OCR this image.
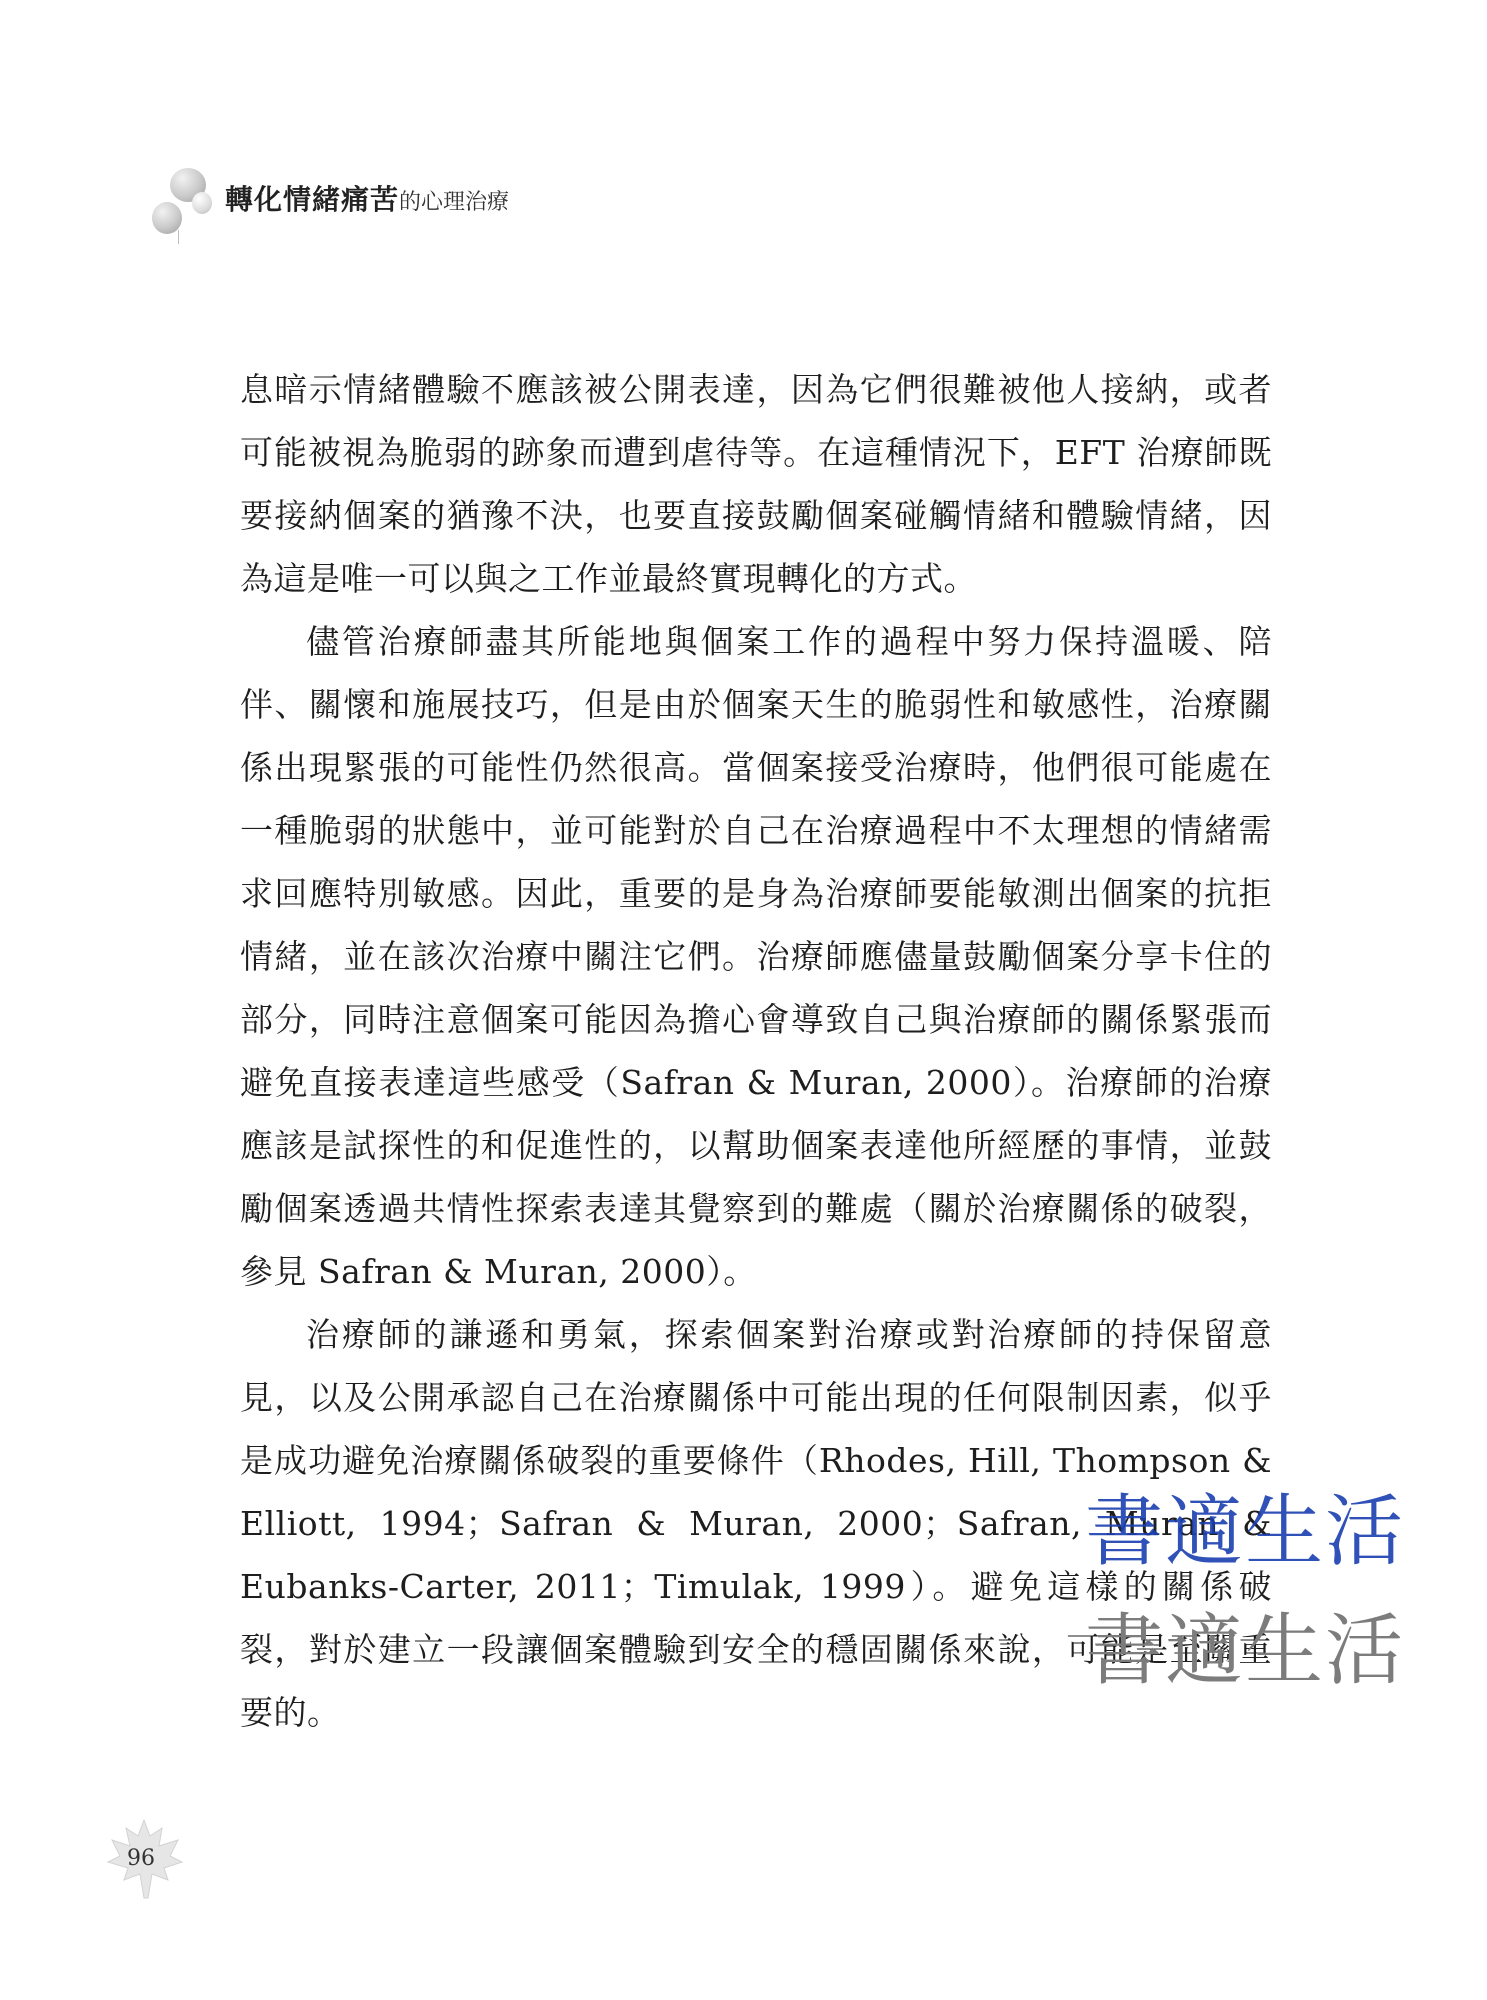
轉化情緒痛苦的心理治療

息暗示情緒體驗不應該被公開表達，因為它們很難被他人接納，或者可能被視為脆弱的跡象而遭到虐待等。在這種情況下，EFT 治療師既要接納個案的猶豫不決，也要直接鼓勵個案碰觸情緒和體驗情緒，因為這是唯一可以與之工作並最終實現轉化的方式。

儘管治療師盡其所能地與個案工作的過程中努力保持溫暖、陪伴、關懷和施展技巧，但是由於個案天生的脆弱性和敏感性，治療關係出現緊張的可能性仍然很高。當個案接受治療時，他們很可能處在一種脆弱的狀態中，並可能對於自己在治療過程中不太理想的情緒需求回應特別敏感。因此，重要的是身為治療師要能敏測出個案的抗拒情緒，並在該次治療中關注它們。治療師應儘量鼓勵個案分享卡住的部分，同時注意個案可能因為擔心會導致自己與治療師的關係緊張而避免直接表達這些感受（Safran & Muran, 2000）。治療師的治療應該是試探性的和促進性的，以幫助個案表達他所經歷的事情，並鼓勵個案透過共情性探索表達其覺察到的難處（關於治療關係的破裂，參見 Safran & Muran, 2000）。

治療師的謙遜和勇氣，探索個案對治療或對治療師的持保留意見，以及公開承認自己在治療關係中可能出現的任何限制因素，似乎是成功避免治療關係破裂的重要條件（Rhodes, Hill, Thompson & Elliott, 1994；Safran & Muran, 2000；Safran, Muran & Eubanks-Carter, 2011；Timulak, 1999）。避免這樣的關係破裂，對於建立一段讓個案體驗到安全的穩固關係來說，可能是至關重要的。

書適生活
書適生活
96
